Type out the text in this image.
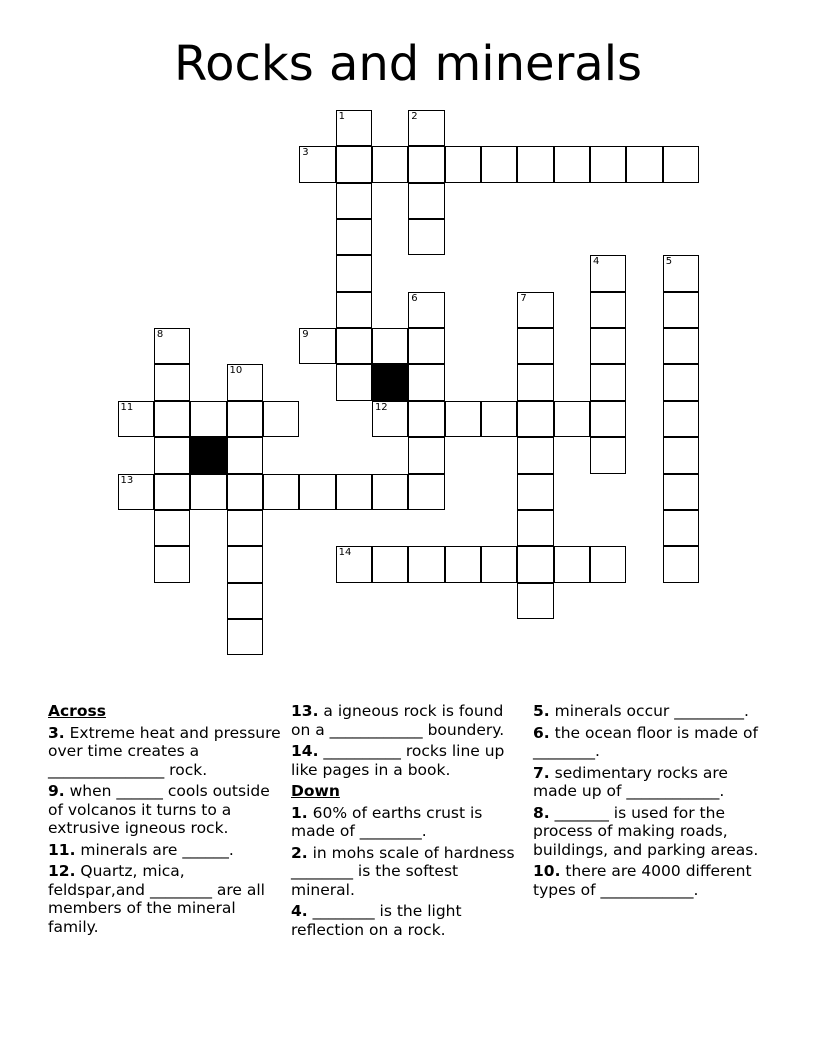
Rocks and minerals
1	2
3
4	5
6	7
8	9
10
11	12
13
14
Across
3. Extreme heat and pressure over time creates a _______________ rock.
9. when ______ cools outside of volcanos it turns to a extrusive igneous rock.
11. minerals are ______.
12. Quartz, mica, feldspar,and ________ are all members of the mineral family.
13. a igneous rock is found on a ____________ boundery.
14. __________ rocks line up like pages in a book.
Down
1. 60% of earths crust is made of ________.
2. in mohs scale of hardness ________ is the softest mineral.
4. ________ is the light reflection on a rock.
5. minerals occur _________.
6. the ocean floor is made of ________.
7. sedimentary rocks are made up of ____________.
8. _______ is used for the process of making roads, buildings, and parking areas.
10. there are 4000 different types of ____________.
